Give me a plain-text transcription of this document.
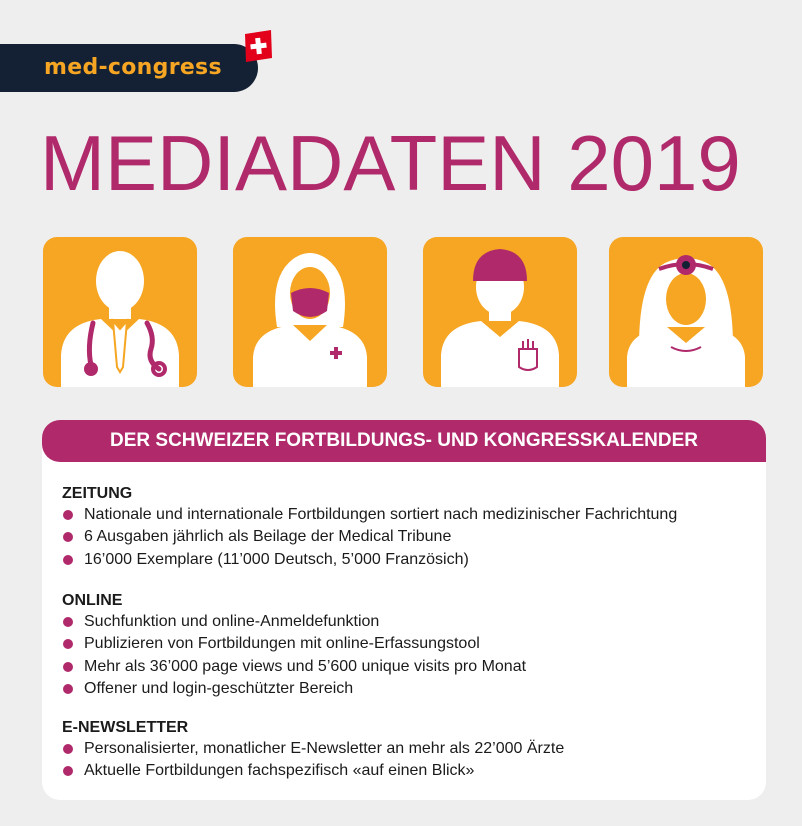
med-congress
MEDIADATEN 2019
DER SCHWEIZER FORTBILDUNGS- UND KONGRESSKALENDER
ZEITUNG
Nationale und internationale Fortbildungen sortiert nach medizinischer Fachrichtung
6 Ausgaben jährlich als Beilage der Medical Tribune
16’000 Exemplare (11’000 Deutsch, 5’000 Französich)
ONLINE
Suchfunktion und online-Anmeldefunktion
Publizieren von Fortbildungen mit online-Erfassungstool
Mehr als 36’000 page views und 5’600 unique visits pro Monat
Offener und login-geschützter Bereich
E-NEWSLETTER
Personalisierter, monatlicher E-Newsletter an mehr als 22’000 Ärzte
Aktuelle Fortbildungen fachspezifisch «auf einen Blick»
